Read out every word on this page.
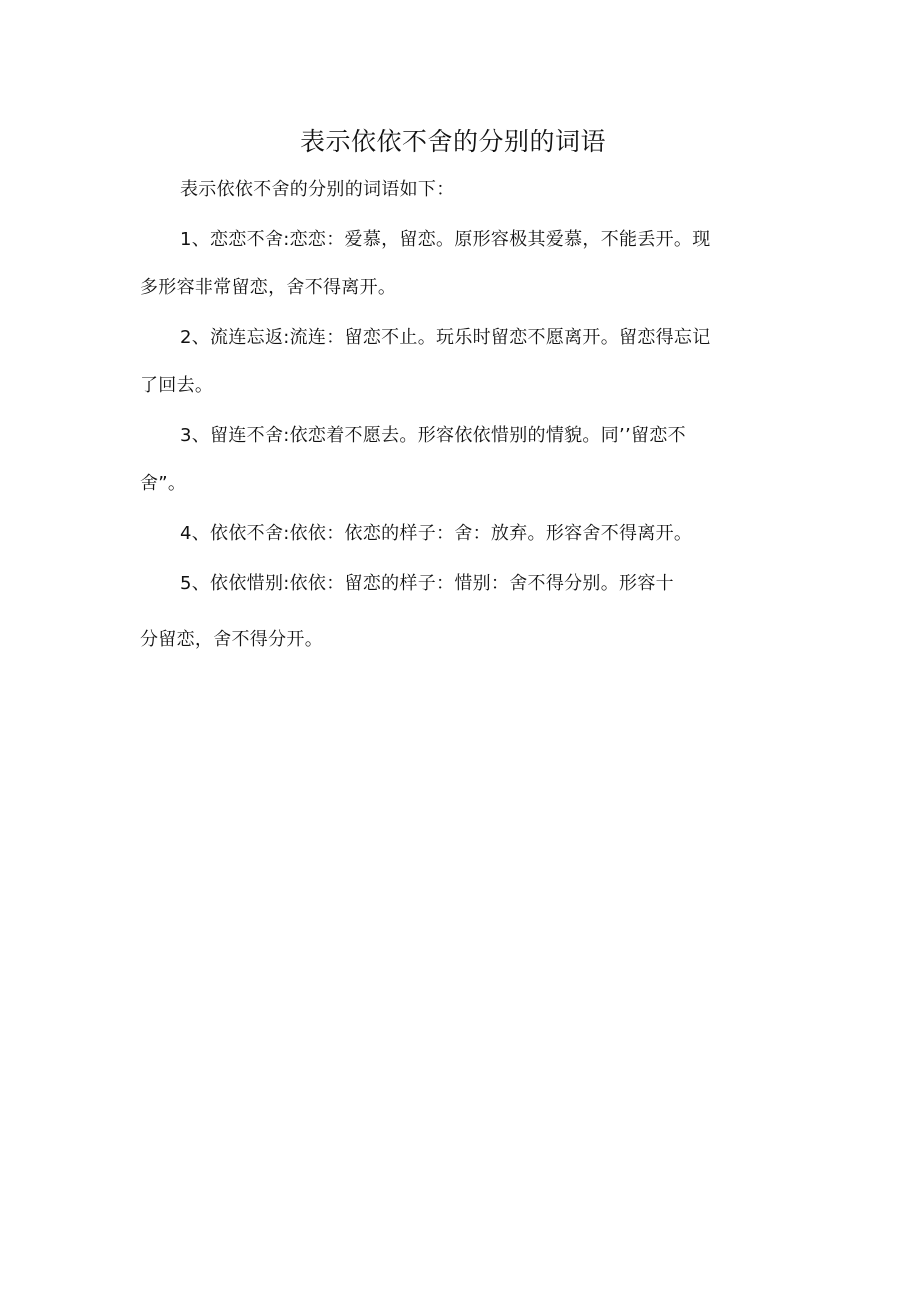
表示依依不舍的分别的词语
表示依依不舍的分别的词语如下：
1、恋恋不舍:恋恋：爱慕，留恋。原形容极其爱慕，不能丢开。现
多形容非常留恋，舍不得离开。
2、流连忘返:流连：留恋不止。玩乐时留恋不愿离开。留恋得忘记
了回去。
3、留连不舍:依恋着不愿去。形容依依惜别的情貌。同’’留恋不
舍”。
4、依依不舍:依依：依恋的样子：舍：放弃。形容舍不得离开。
5、依依惜别:依依：留恋的样子：惜别：舍不得分别。形容十
分留恋，舍不得分开。
